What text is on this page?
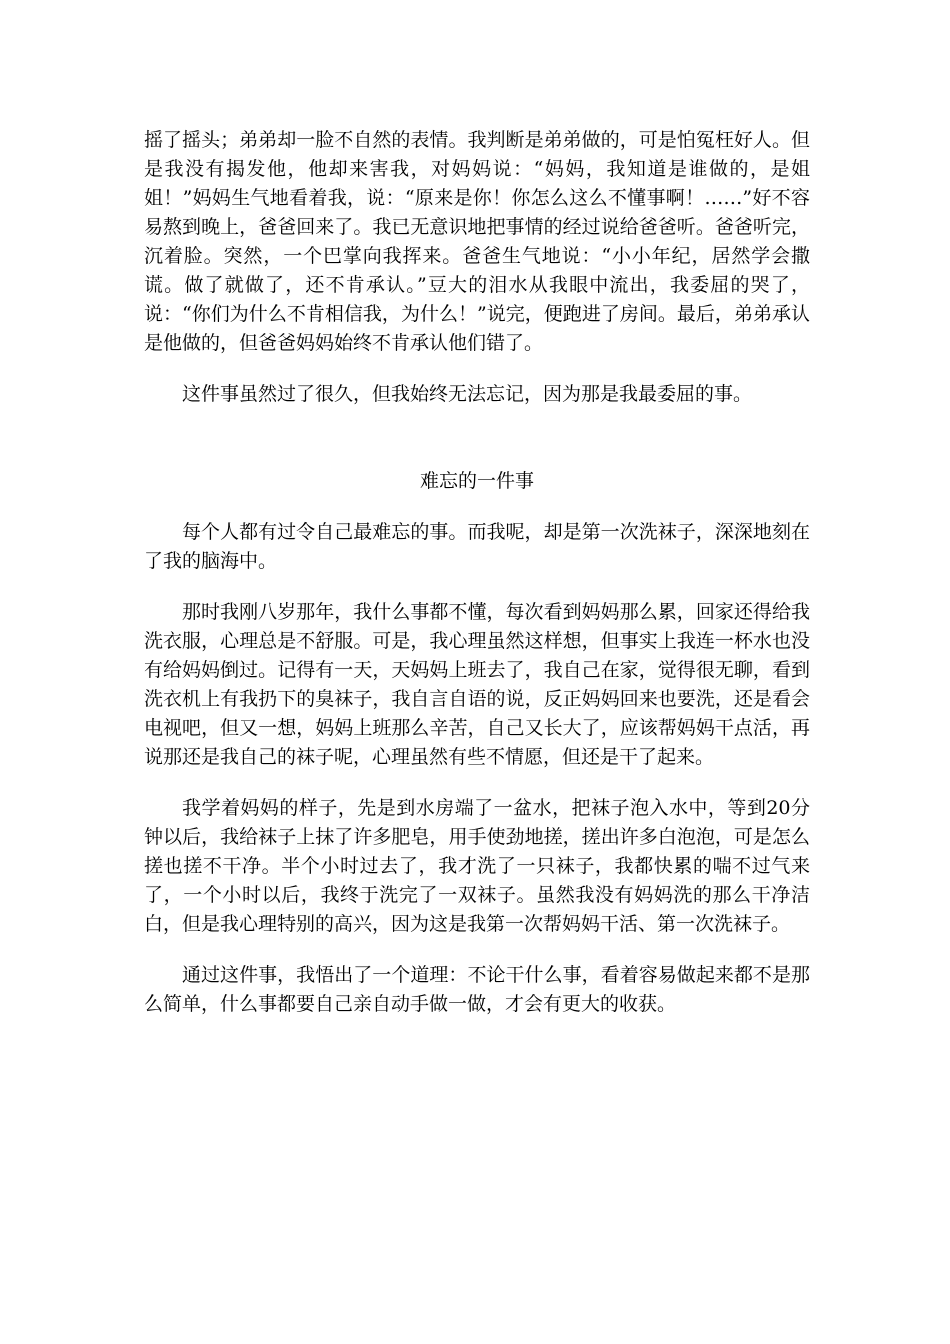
摇了摇头；弟弟却一脸不自然的表情。我判断是弟弟做的，可是怕冤枉好人。但是我没有揭发他，他却来害我，对妈妈说：“妈妈，我知道是谁做的，是姐姐！”妈妈生气地看着我，说：“原来是你！你怎么这么不懂事啊！……”好不容易熬到晚上，爸爸回来了。我已无意识地把事情的经过说给爸爸听。爸爸听完，沉着脸。突然，一个巴掌向我挥来。爸爸生气地说：“小小年纪，居然学会撒谎。做了就做了，还不肯承认。”豆大的泪水从我眼中流出，我委屈的哭了，说：“你们为什么不肯相信我，为什么！”说完，便跑进了房间。最后，弟弟承认是他做的，但爸爸妈妈始终不肯承认他们错了。

这件事虽然过了很久，但我始终无法忘记，因为那是我最委屈的事。

难忘的一件事

每个人都有过令自己最难忘的事。而我呢，却是第一次洗袜子，深深地刻在了我的脑海中。

那时我刚八岁那年，我什么事都不懂，每次看到妈妈那么累，回家还得给我洗衣服，心理总是不舒服。可是，我心理虽然这样想，但事实上我连一杯水也没有给妈妈倒过。记得有一天，天妈妈上班去了，我自己在家，觉得很无聊，看到洗衣机上有我扔下的臭袜子，我自言自语的说，反正妈妈回来也要洗，还是看会电视吧，但又一想，妈妈上班那么辛苦，自己又长大了，应该帮妈妈干点活，再说那还是我自己的袜子呢，心理虽然有些不情愿，但还是干了起来。

我学着妈妈的样子，先是到水房端了一盆水，把袜子泡入水中，等到20分钟以后，我给袜子上抹了许多肥皂，用手使劲地搓，搓出许多白泡泡，可是怎么搓也搓不干净。半个小时过去了，我才洗了一只袜子，我都快累的喘不过气来了，一个小时以后，我终于洗完了一双袜子。虽然我没有妈妈洗的那么干净洁白，但是我心理特别的高兴，因为这是我第一次帮妈妈干活、第一次洗袜子。

通过这件事，我悟出了一个道理：不论干什么事，看着容易做起来都不是那么简单，什么事都要自己亲自动手做一做，才会有更大的收获。
